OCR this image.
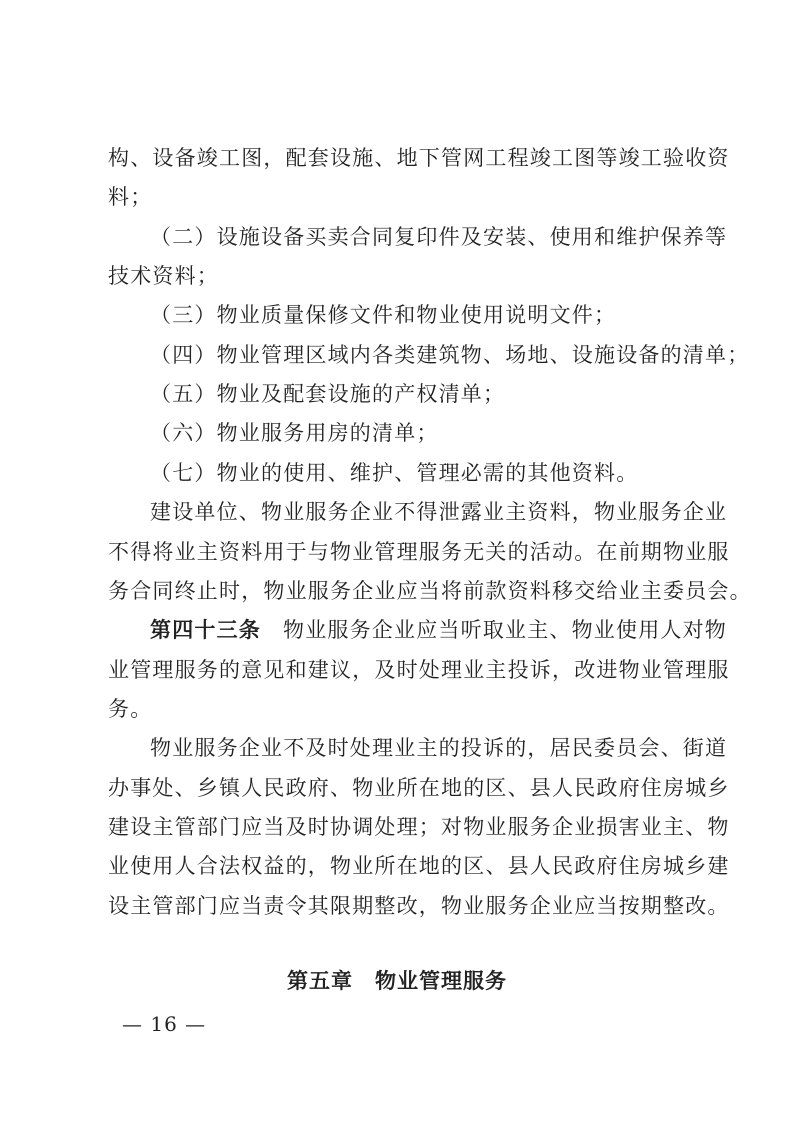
构、设备竣工图，配套设施、地下管网工程竣工图等竣工验收资
料；
（二）设施设备买卖合同复印件及安装、使用和维护保养等
技术资料；
（三）物业质量保修文件和物业使用说明文件；
（四）物业管理区域内各类建筑物、场地、设施设备的清单；
（五）物业及配套设施的产权清单；
（六）物业服务用房的清单；
（七）物业的使用、维护、管理必需的其他资料。
建设单位、物业服务企业不得泄露业主资料，物业服务企业
不得将业主资料用于与物业管理服务无关的活动。在前期物业服
务合同终止时，物业服务企业应当将前款资料移交给业主委员会。
第四十三条 物业服务企业应当听取业主、物业使用人对物
业管理服务的意见和建议，及时处理业主投诉，改进物业管理服
务。
物业服务企业不及时处理业主的投诉的，居民委员会、街道
办事处、乡镇人民政府、物业所在地的区、县人民政府住房城乡
建设主管部门应当及时协调处理；对物业服务企业损害业主、物
业使用人合法权益的，物业所在地的区、县人民政府住房城乡建
设主管部门应当责令其限期整改，物业服务企业应当按期整改。
第五章　物业管理服务
— 16 —
